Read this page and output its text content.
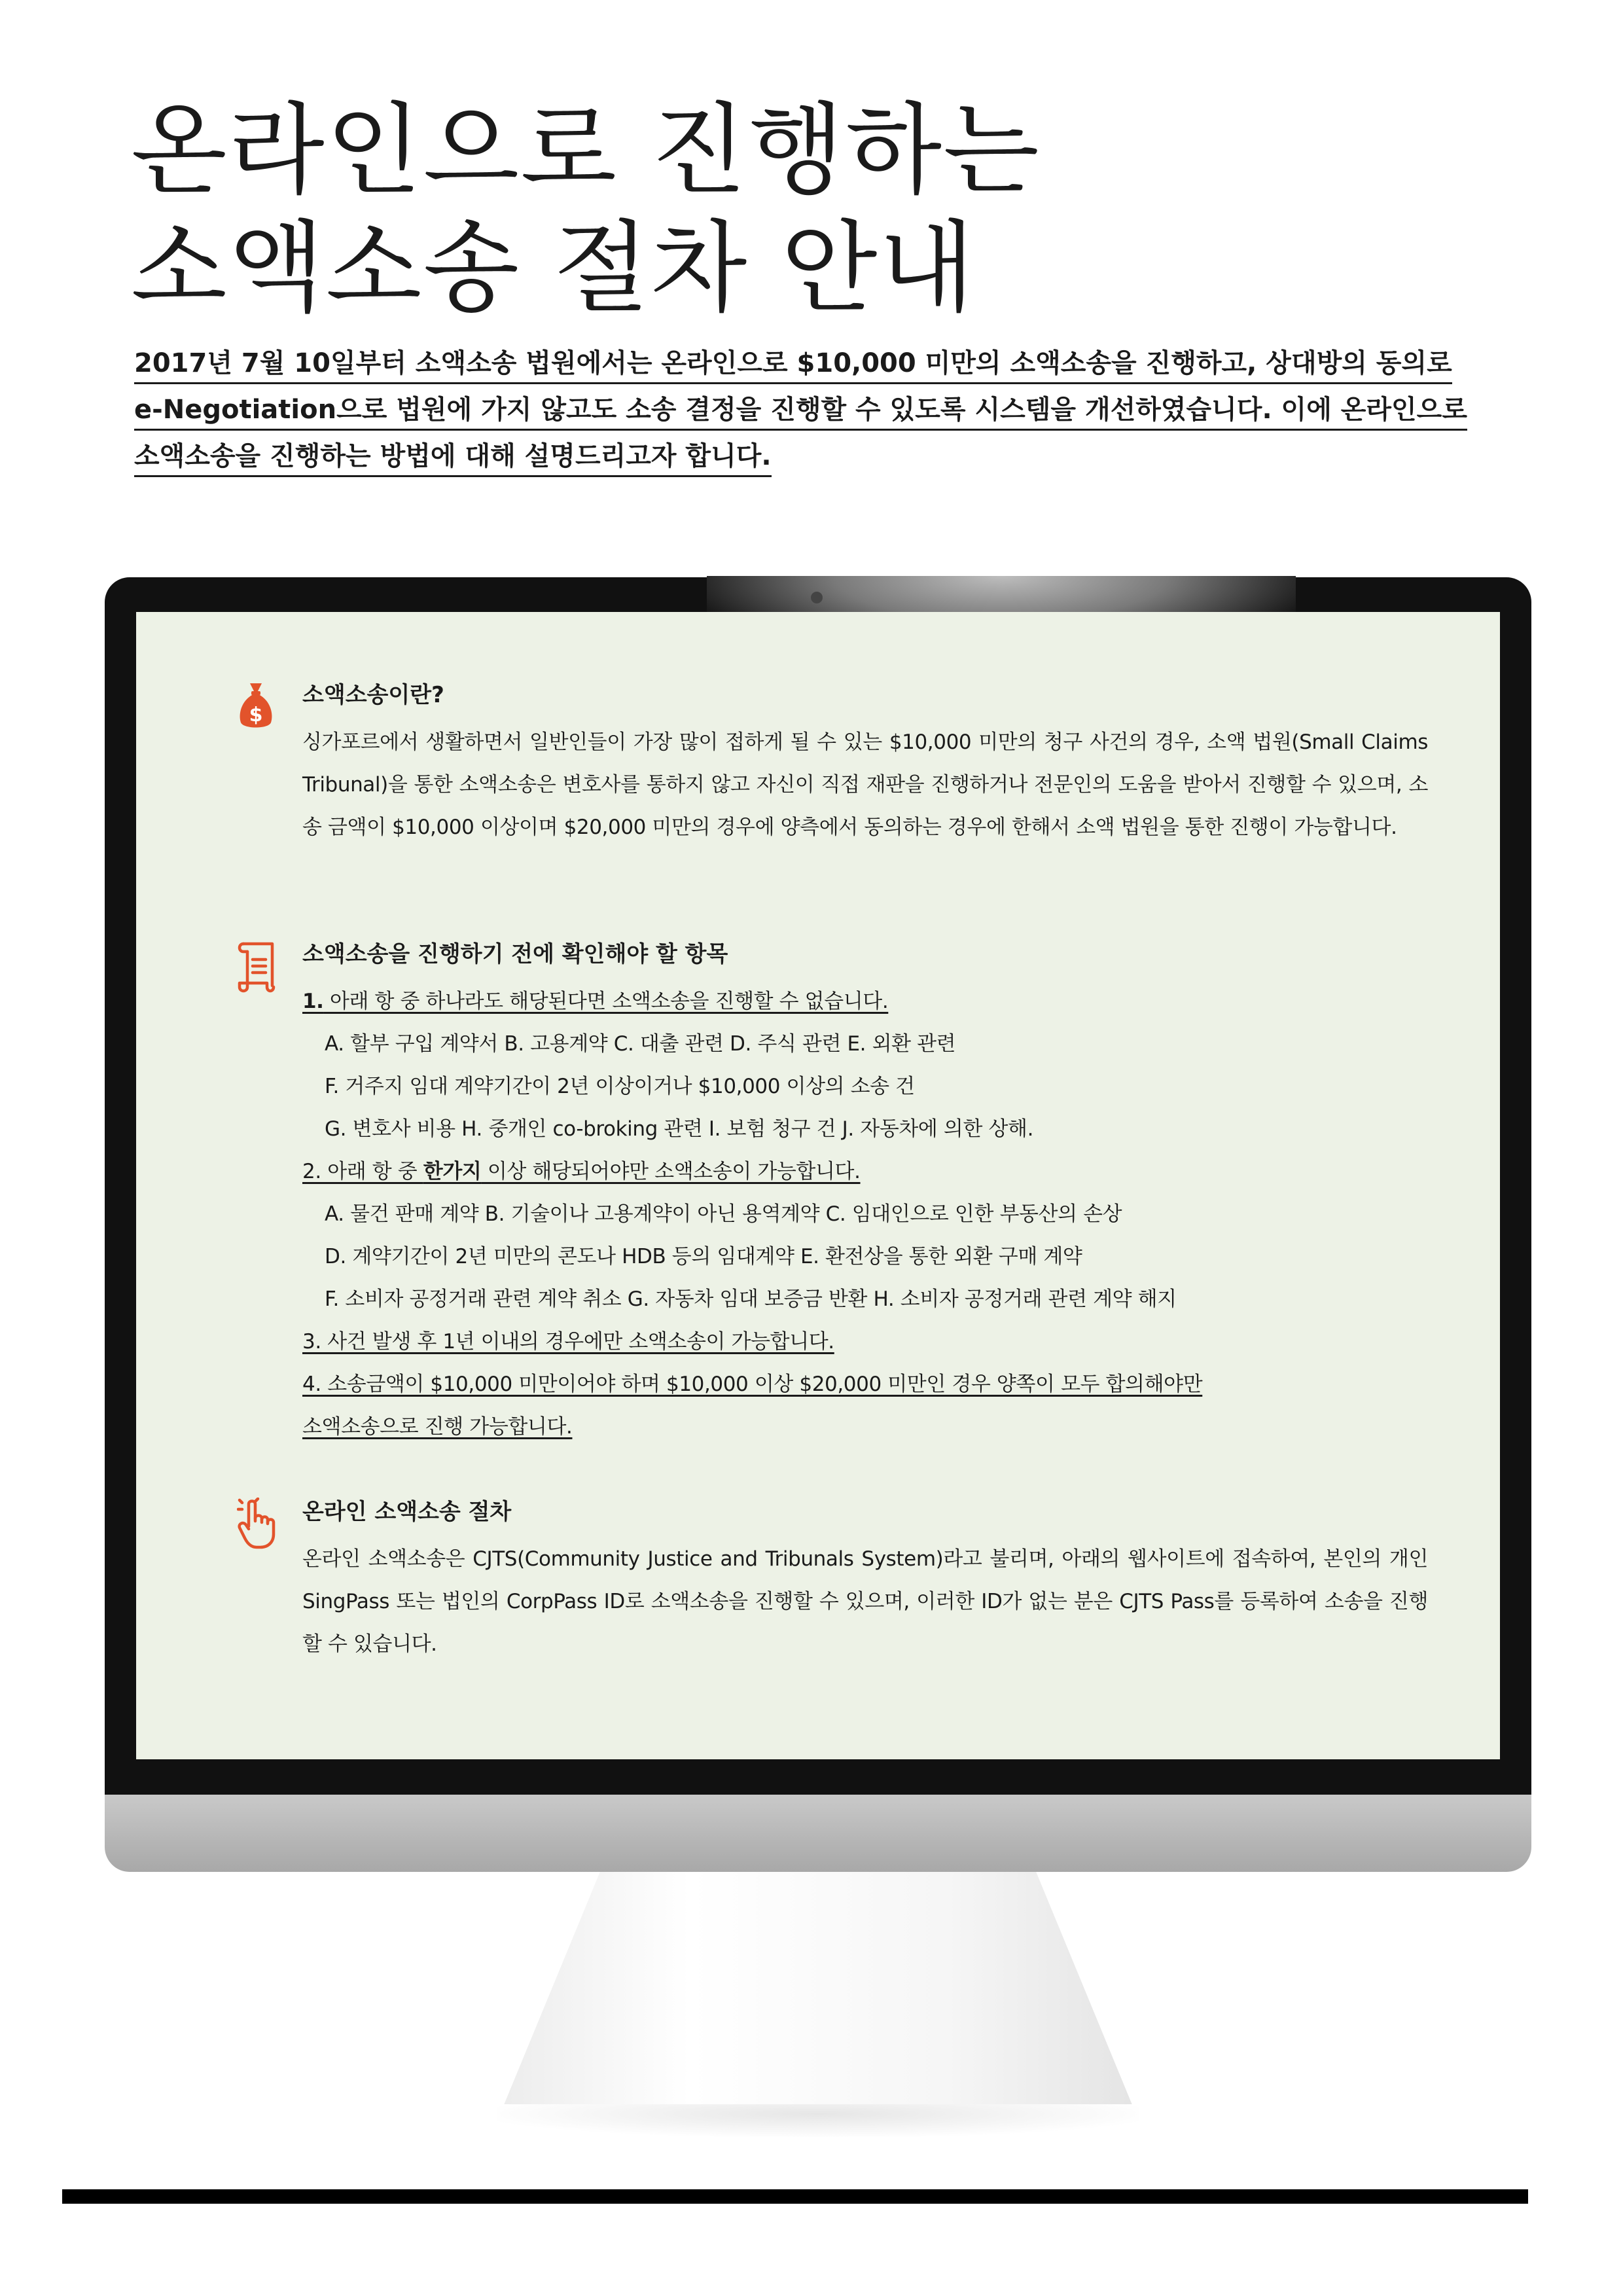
온라인으로 진행하는
소액소송 절차 안내
2017년 7월 10일부터 소액소송 법원에서는 온라인으로 $10,000 미만의 소액소송을 진행하고, 상대방의 동의로
e-Negotiation으로 법원에 가지 않고도 소송 결정을 진행할 수 있도록 시스템을 개선하였습니다. 이에 온라인으로
소액소송을 진행하는 방법에 대해 설명드리고자 합니다.
$
소액소송이란?
싱가포르에서 생활하면서 일반인들이 가장 많이 접하게 될 수 있는 $10,000 미만의 청구 사건의 경우, 소액 법원(Small Claims Tribunal)을 통한 소액소송은 변호사를 통하지 않고 자신이 직접 재판을 진행하거나 전문인의 도움을 받아서 진행할 수 있으며, 소송 금액이 $10,000 이상이며 $20,000 미만의 경우에 양측에서 동의하는 경우에 한해서 소액 법원을 통한 진행이 가능합니다.
소액소송을 진행하기 전에 확인해야 할 항목
1. 아래 항 중 하나라도 해당된다면 소액소송을 진행할 수 없습니다.
A. 할부 구입 계약서 B. 고용계약 C. 대출 관련 D. 주식 관련 E. 외환 관련
F. 거주지 임대 계약기간이 2년 이상이거나 $10,000 이상의 소송 건
G. 변호사 비용 H. 중개인 co-broking 관련 I. 보험 청구 건 J. 자동차에 의한 상해.
2. 아래 항 중 한가지 이상 해당되어야만 소액소송이 가능합니다.
A. 물건 판매 계약 B. 기술이나 고용계약이 아닌 용역계약 C. 임대인으로 인한 부동산의 손상
D. 계약기간이 2년 미만의 콘도나 HDB 등의 임대계약 E. 환전상을 통한 외환 구매 계약
F. 소비자 공정거래 관련 계약 취소 G. 자동차 임대 보증금 반환 H. 소비자 공정거래 관련 계약 해지
3. 사건 발생 후 1년 이내의 경우에만 소액소송이 가능합니다.
4. 소송금액이 $10,000 미만이어야 하며 $10,000 이상 $20,000 미만인 경우 양쪽이 모두 합의해야만
소액소송으로 진행 가능합니다.
온라인 소액소송 절차
온라인 소액소송은 CJTS(Community Justice and Tribunals System)라고 불리며, 아래의 웹사이트에 접속하여, 본인의 개인 SingPass 또는 법인의 CorpPass ID로 소액소송을 진행할 수 있으며, 이러한 ID가 없는 분은 CJTS Pass를 등록하여 소송을 진행할 수 있습니다.
